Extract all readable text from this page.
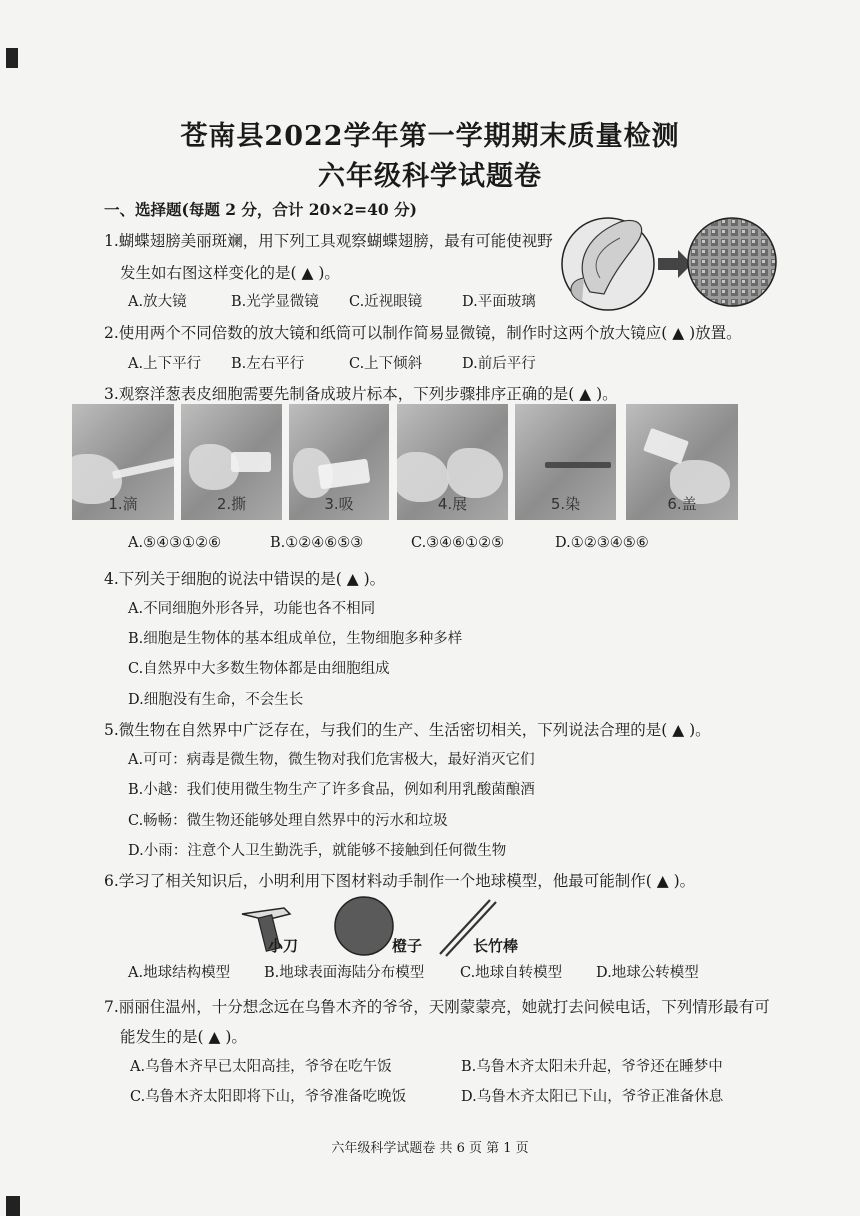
苍南县2022学年第一学期期末质量检测
六年级科学试题卷
一、选择题(每题 2 分，合计 20×2=40 分)
1.蝴蝶翅膀美丽斑斓，用下列工具观察蝴蝶翅膀，最有可能使视野
发生如右图这样变化的是( ▲ )。
A.放大镜	B.光学显微镜 C.近视眼镜	D.平面玻璃
2.使用两个不同倍数的放大镜和纸筒可以制作简易显微镜，制作时这两个放大镜应( ▲ )放置。
A.上下平行 B.左右平行	C.上下倾斜	D.前后平行
3.观察洋葱表皮细胞需要先制备成玻片标本，下列步骤排序正确的是( ▲ )。
1.滴	2.撕	3.吸	4.展	5.染	6.盖
A.⑤④③①②⑥	B.①②④⑥⑤③	C.③④⑥①②⑤	D.①②③④⑤⑥
4.下列关于细胞的说法中错误的是( ▲ )。
A.不同细胞外形各异，功能也各不相同
B.细胞是生物体的基本组成单位，生物细胞多种多样
C.自然界中大多数生物体都是由细胞组成
D.细胞没有生命，不会生长
5.微生物在自然界中广泛存在，与我们的生产、生活密切相关，下列说法合理的是( ▲ )。
A.可可：病毒是微生物，微生物对我们危害极大，最好消灭它们
B.小越：我们使用微生物生产了许多食品，例如利用乳酸菌酿酒
C.畅畅：微生物还能够处理自然界中的污水和垃圾
D.小雨：注意个人卫生勤洗手，就能够不接触到任何微生物
6.学习了相关知识后，小明利用下图材料动手制作一个地球模型，他最可能制作( ▲ )。
小刀	橙子	长竹棒
A.地球结构模型 B.地球表面海陆分布模型 C.地球自转模型 D.地球公转模型
7.丽丽住温州，十分想念远在乌鲁木齐的爷爷，天刚蒙蒙亮，她就打去问候电话，下列情形最有可
能发生的是( ▲ )。
A.乌鲁木齐早已太阳高挂，爷爷在吃午饭	B.乌鲁木齐太阳未升起，爷爷还在睡梦中
C.乌鲁木齐太阳即将下山，爷爷准备吃晚饭	D.乌鲁木齐太阳已下山，爷爷正准备休息
六年级科学试题卷 共 6 页 第 1 页
